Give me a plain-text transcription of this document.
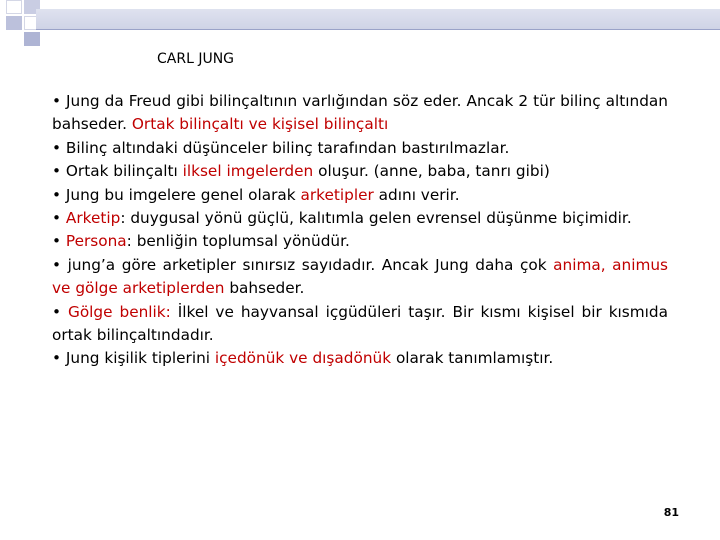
CARL JUNG

• Jung da Freud gibi bilinçaltının varlığından söz eder. Ancak 2 tür bilinç altından bahseder. Ortak bilinçaltı ve kişisel bilinçaltı

• Bilinç altındaki düşünceler bilinç tarafından bastırılmazlar.

• Ortak bilinçaltı ilksel imgelerden oluşur. (anne, baba, tanrı gibi)

• Jung bu imgelere genel olarak arketipler adını verir.

• Arketip: duygusal yönü güçlü, kalıtımla gelen evrensel düşünme biçimidir.

• Persona: benliğin toplumsal yönüdür.

• jung’a göre arketipler sınırsız sayıdadır. Ancak Jung daha çok anima, animus ve gölge arketiplerden bahseder.

• Gölge benlik: İlkel ve hayvansal içgüdüleri taşır. Bir kısmı kişisel bir kısmıda ortak bilinçaltındadır.

• Jung kişilik tiplerini içedönük ve dışadönük olarak tanımlamıştır.

81
